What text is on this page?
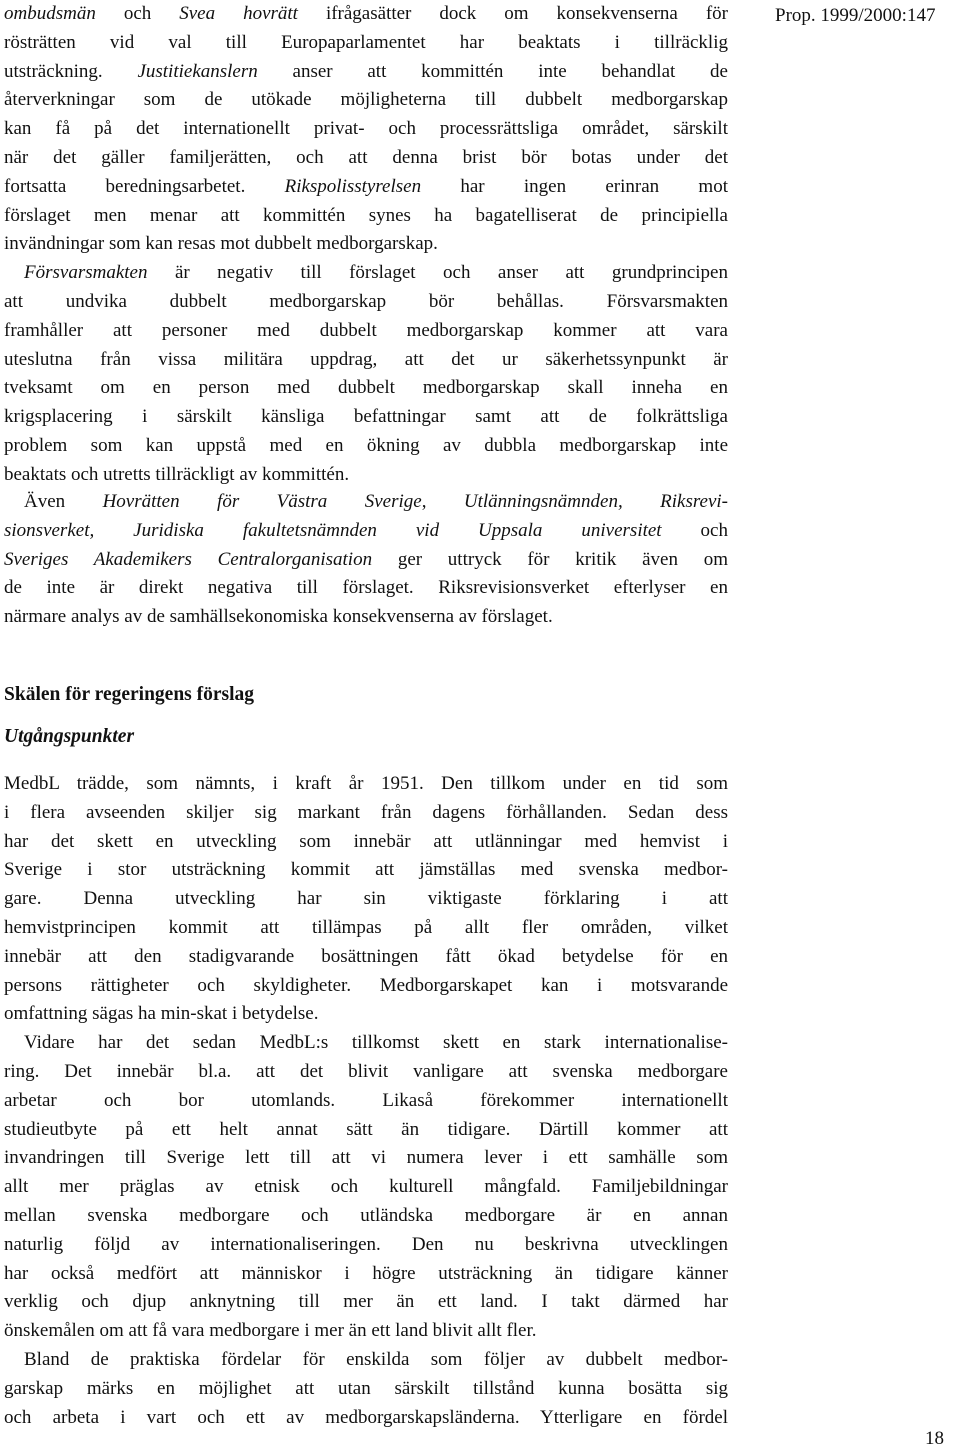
Prop. 1999/2000:147

ombudsmän och Svea hovrätt ifrågasätter dock om konsekvenserna för

rösträtten vid val till Europaparlamentet har beaktats i tillräcklig

utsträckning. Justitiekanslern anser att kommittén inte behandlat de

återverkningar som de utökade möjligheterna till dubbelt medborgarskap

kan få på det internationellt privat- och processrättsliga området, särskilt

när det gäller familjerätten, och att denna brist bör botas under det

fortsatta beredningsarbetet. Rikspolisstyrelsen har ingen erinran mot

förslaget men menar att kommittén synes ha bagatelliserat de principiella

invändningar som kan resas mot dubbelt medborgarskap.

Försvarsmakten är negativ till förslaget och anser att grundprincipen

att undvika dubbelt medborgarskap bör behållas. Försvarsmakten

framhåller att personer med dubbelt medborgarskap kommer att vara

uteslutna från vissa militära uppdrag, att det ur säkerhetssynpunkt är

tveksamt om en person med dubbelt medborgarskap skall inneha en

krigsplacering i särskilt känsliga befattningar samt att de folkrättsliga

problem som kan uppstå med en ökning av dubbla medborgarskap inte

beaktats och utretts tillräckligt av kommittén.

Även Hovrätten för Västra Sverige, Utlänningsnämnden, Riksrevi-

sionsverket, Juridiska fakultetsnämnden vid Uppsala universitet och

Sveriges Akademikers Centralorganisation ger uttryck för kritik även om

de inte är direkt negativa till förslaget. Riksrevisionsverket efterlyser en

närmare analys av de samhällsekonomiska konsekvenserna av förslaget.

Skälen för regeringens förslag
Utgångspunkter

MedbL trädde, som nämnts, i kraft år 1951. Den tillkom under en tid som

i flera avseenden skiljer sig markant från dagens förhållanden. Sedan dess

har det skett en utveckling som innebär att utlänningar med hemvist i

Sverige i stor utsträckning kommit att jämställas med svenska medbor-

gare. Denna utveckling har sin viktigaste förklaring i att

hemvistprincipen kommit att tillämpas på allt fler områden, vilket

innebär att den stadigvarande bosättningen fått ökad betydelse för en

persons rättigheter och skyldigheter. Medborgarskapet kan i motsvarande

omfattning sägas ha min-skat i betydelse.

Vidare har det sedan MedbL:s tillkomst skett en stark internationalise-

ring. Det innebär bl.a. att det blivit vanligare att svenska medborgare

arbetar och bor utomlands. Likaså förekommer internationellt

studieutbyte på ett helt annat sätt än tidigare. Därtill kommer att

invandringen till Sverige lett till att vi numera lever i ett samhälle som

allt mer präglas av etnisk och kulturell mångfald. Familjebildningar

mellan svenska medborgare och utländska medborgare är en annan

naturlig följd av internationaliseringen. Den nu beskrivna utvecklingen

har också medfört att människor i högre utsträckning än tidigare känner

verklig och djup anknytning till mer än ett land. I takt därmed har

önskemålen om att få vara medborgare i mer än ett land blivit allt fler.

Bland de praktiska fördelar för enskilda som följer av dubbelt medbor-

garskap märks en möjlighet att utan särskilt tillstånd kunna bosätta sig

och arbeta i vart och ett av medborgarskapsländerna. Ytterligare en fördel

18
